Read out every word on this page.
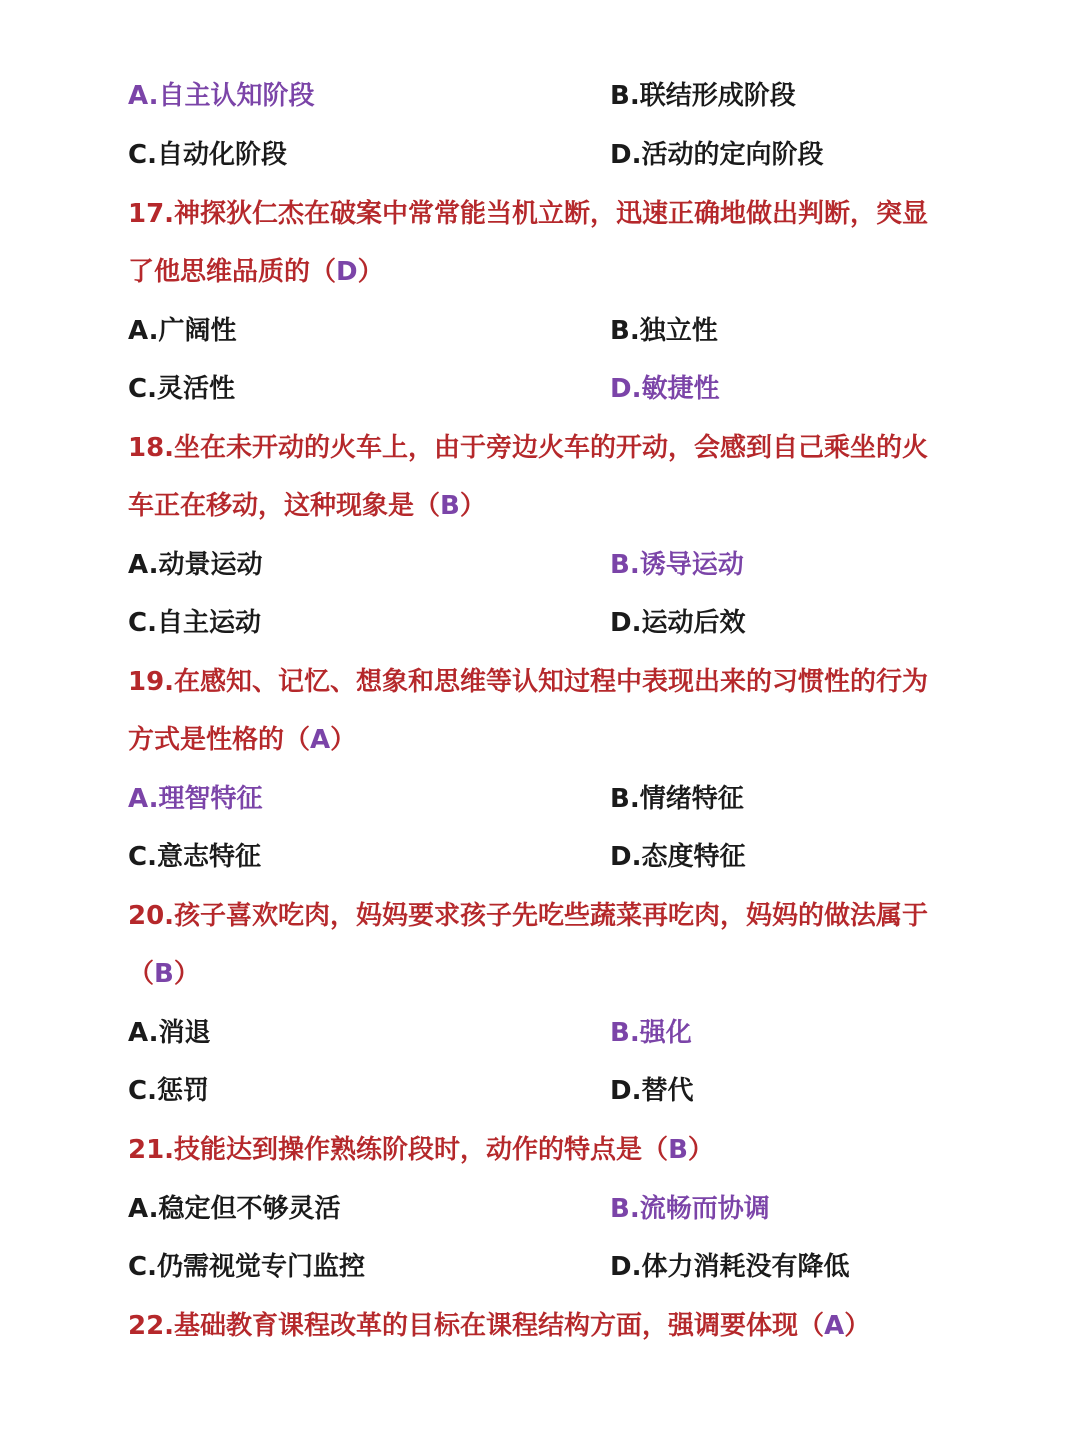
A.自主认知阶段	B.联结形成阶段
C.自动化阶段	D.活动的定向阶段
17.神探狄仁杰在破案中常常能当机立断，迅速正确地做出判断，突显
了他思维品质的（D）
A.广阔性	B.独立性
C.灵活性	D.敏捷性
18.坐在未开动的火车上，由于旁边火车的开动，会感到自己乘坐的火
车正在移动，这种现象是（B）
A.动景运动	B.诱导运动
C.自主运动	D.运动后效
19.在感知、记忆、想象和思维等认知过程中表现出来的习惯性的行为
方式是性格的（A）
A.理智特征	B.情绪特征
C.意志特征	D.态度特征
20.孩子喜欢吃肉，妈妈要求孩子先吃些蔬菜再吃肉，妈妈的做法属于
（B）
A.消退	B.强化
C.惩罚	D.替代
21.技能达到操作熟练阶段时，动作的特点是（B）
A.稳定但不够灵活	B.流畅而协调
C.仍需视觉专门监控	D.体力消耗没有降低
22.基础教育课程改革的目标在课程结构方面，强调要体现（A）
